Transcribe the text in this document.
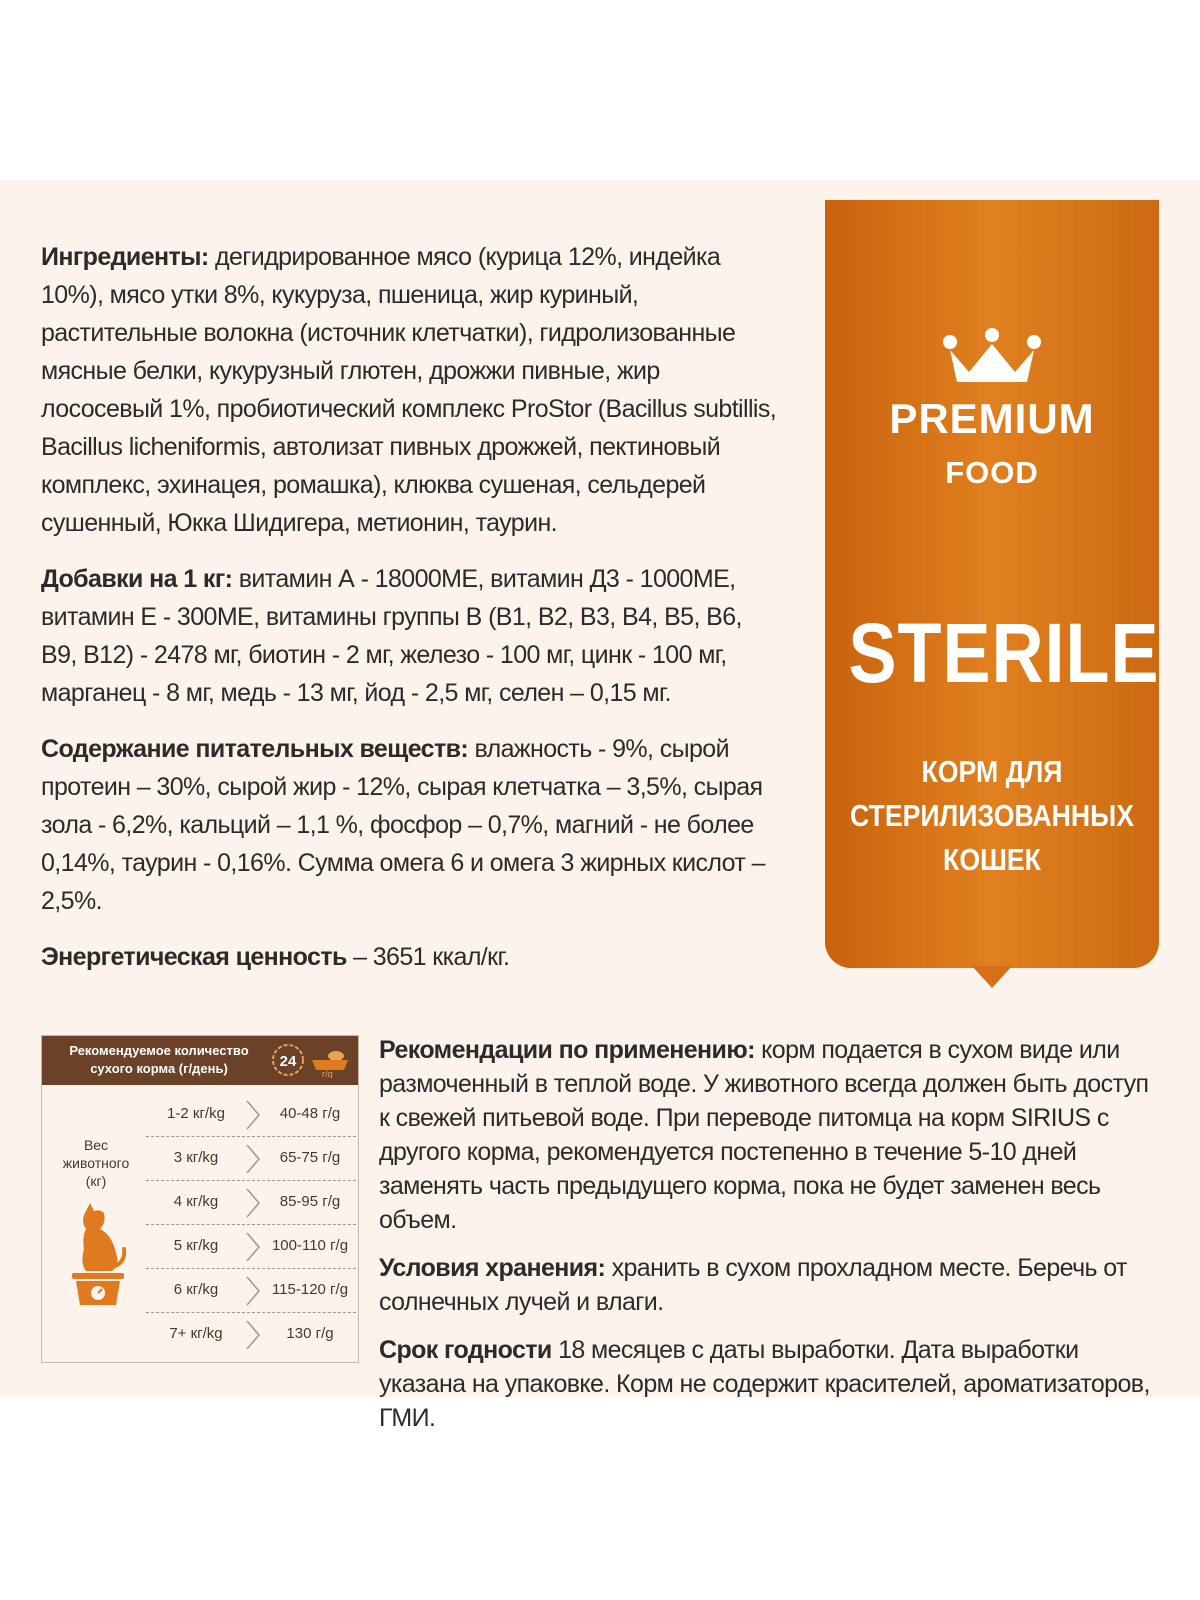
Ингредиенты: дегидрированное мясо (курица 12%, индейка 10%), мясо утки 8%, кукуруза, пшеница, жир куриный, растительные волокна (источник клетчатки), гидролизованные мясные белки, кукурузный глютен, дрожжи пивные, жир лососевый 1%, пробиотический комплекс ProStor (Bacillus subtillis, Bacillus licheniformis, автолизат пивных дрожжей, пектиновый комплекс, эхинацея, ромашка), клюква сушеная, сельдерей сушенный, Юкка Шидигера, метионин, таурин.

Добавки на 1 кг: витамин А - 18000МЕ, витамин Д3 - 1000МЕ, витамин Е - 300МЕ, витамины группы В (В1, В2, В3, В4, В5, В6, В9, В12) - 2478 мг, биотин - 2 мг, железо - 100 мг, цинк - 100 мг, марганец - 8 мг, медь - 13 мг, йод - 2,5 мг, селен – 0,15 мг.

Содержание питательных веществ: влажность - 9%, сырой протеин – 30%, сырой жир - 12%, сырая клетчатка – 3,5%, сырая зола - 6,2%, кальций – 1,1 %, фосфор – 0,7%, магний - не более 0,14%, таурин - 0,16%. Сумма омега 6 и омега 3 жирных кислот – 2,5%.

Энергетическая ценность – 3651 ккал/кг.

PREMIUM
FOOD
STERILE
КОРМ ДЛЯ
СТЕРИЛИЗОВАННЫХ
КОШЕК
Рекомендуемое количество сухого корма (г/день)	24
г/g
Вес животного (кг)
1-2 кг/kg	40-48 г/g
3 кг/kg	65-75 г/g
4 кг/kg	85-95 г/g
5 кг/kg	100-110 г/g
6 кг/kg	115-120 г/g
7+ кг/kg	130 г/g

Рекомендации по применению: корм подается в сухом виде или размоченный в теплой воде. У животного всегда должен быть доступ к свежей питьевой воде. При переводе питомца на корм SIRIUS с другого корма, рекомендуется постепенно в течение 5-10 дней заменять часть предыдущего корма, пока не будет заменен весь объем.

Условия хранения: хранить в сухом прохладном месте. Беречь от солнечных лучей и влаги.

Срок годности 18 месяцев с даты выработки. Дата выработки указана на упаковке. Корм не содержит красителей, ароматизаторов, ГМИ.
